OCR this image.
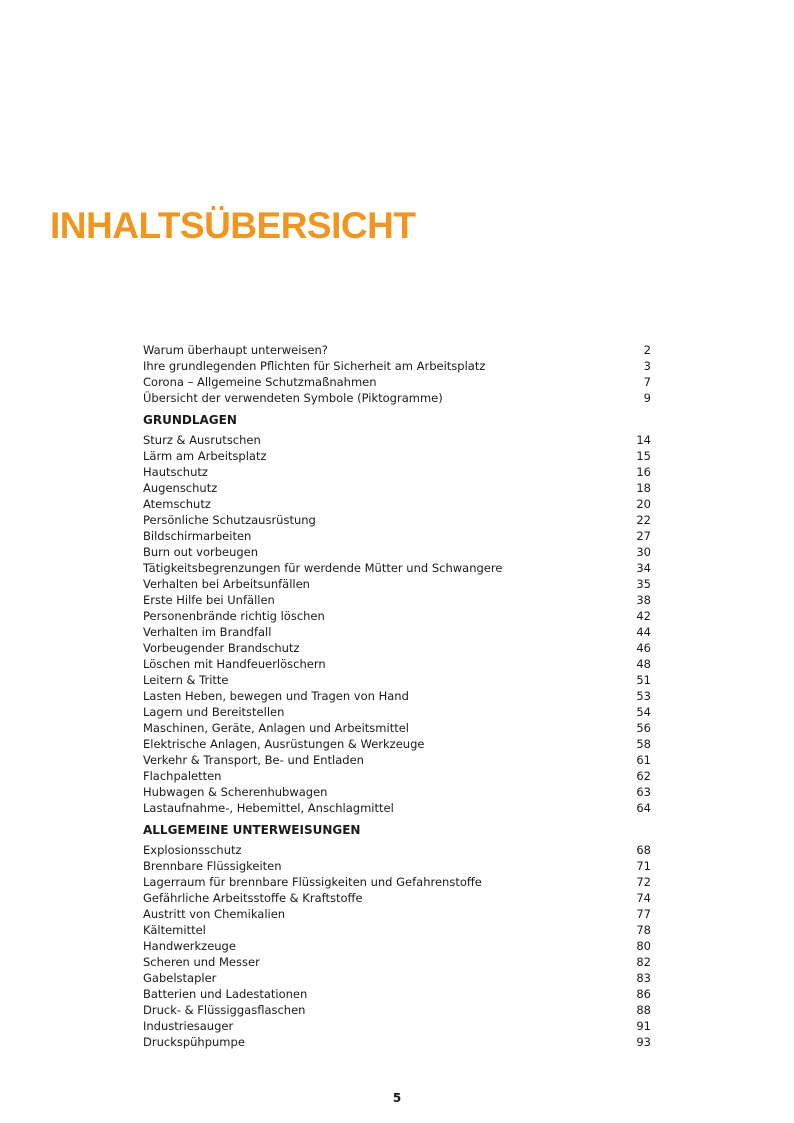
INHALTSÜBERSICHT
Warum überhaupt unterweisen?	2
Ihre grundlegenden Pflichten für Sicherheit am Arbeitsplatz	3
Corona – Allgemeine Schutzmaßnahmen	7
Übersicht der verwendeten Symbole (Piktogramme)	9
GRUNDLAGEN
Sturz & Ausrutschen	14
Lärm am Arbeitsplatz	15
Hautschutz	16
Augenschutz	18
Atemschutz	20
Persönliche Schutzausrüstung	22
Bildschirmarbeiten	27
Burn out vorbeugen	30
Tätigkeitsbegrenzungen für werdende Mütter und Schwangere	34
Verhalten bei Arbeitsunfällen	35
Erste Hilfe bei Unfällen	38
Personenbrände richtig löschen	42
Verhalten im Brandfall	44
Vorbeugender Brandschutz	46
Löschen mit Handfeuerlöschern	48
Leitern & Tritte	51
Lasten Heben, bewegen und Tragen von Hand	53
Lagern und Bereitstellen	54
Maschinen, Geräte, Anlagen und Arbeitsmittel	56
Elektrische Anlagen, Ausrüstungen & Werkzeuge	58
Verkehr & Transport, Be- und Entladen	61
Flachpaletten	62
Hubwagen & Scherenhubwagen	63
Lastaufnahme-, Hebemittel, Anschlagmittel	64
ALLGEMEINE UNTERWEISUNGEN
Explosionsschutz	68
Brennbare Flüssigkeiten	71
Lagerraum für brennbare Flüssigkeiten und Gefahrenstoffe	72
Gefährliche Arbeitsstoffe & Kraftstoffe	74
Austritt von Chemikalien	77
Kältemittel	78
Handwerkzeuge	80
Scheren und Messer	82
Gabelstapler	83
Batterien und Ladestationen	86
Druck- & Flüssiggasflaschen	88
Industriesauger	91
Druckspühpumpe	93
5
